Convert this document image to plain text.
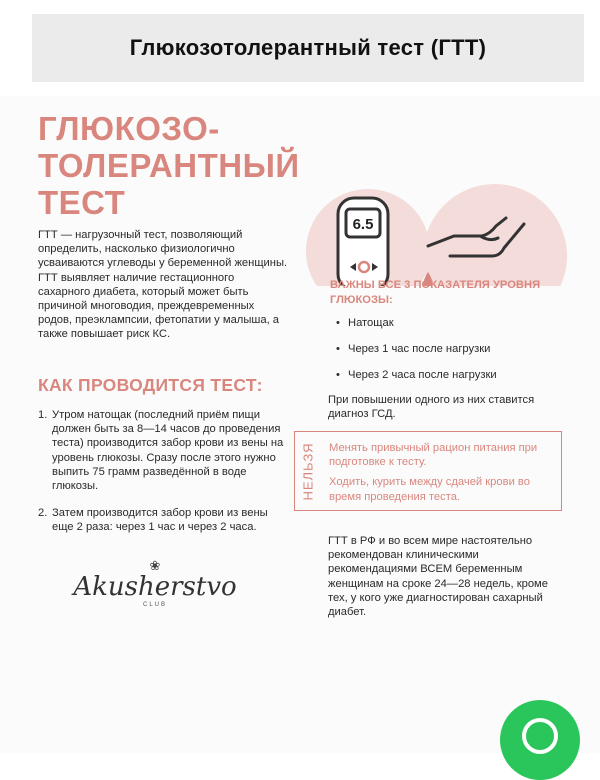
Глюкозотолерантный тест (ГТТ)
ГЛЮКОЗО-
ТОЛЕРАНТНЫЙ
ТЕСТ

ГТТ — нагрузочный тест, позволяющий определить, насколько физиологично усваиваются углеводы у беременной женщины.

ГТТ выявляет наличие гестационного сахарного диабета, который может быть причиной многоводия, преждевременных родов, преэклампсии, фетопатии у малыша, а также повышает риск КС.

КАК ПРОВОДИТСЯ ТЕСТ:
1. Утром натощак (последний приём пищи должен быть за 8—14 часов до проведения теста) производится забор крови из вены на уровень глюкозы. Сразу после этого нужно выпить 75 грамм разведённой в воде глюкозы.
2. Затем производится забор крови из вены еще 2 раза: через 1 час и через 2 часа.
❀
Akusherstvo
CLUB
6.5
ВАЖНЫ ВСЕ 3 ПОКАЗАТЕЛЯ УРОВНЯ ГЛЮКОЗЫ:
• Натощак
• Через 1 час после нагрузки
• Через 2 часа после нагрузки
При повышении одного из них ставится диагноз ГСД.
НЕЛЬЗЯ Менять привычный рацион питания при подготовке к тесту.

Ходить, курить между сдачей крови во время проведения теста.

ГТТ в РФ и во всем мире настоятельно рекомендован клиническими рекомендациями ВСЕМ беременным женщинам на сроке 24—28 недель, кроме тех, у кого уже диагностирован сахарный диабет.
